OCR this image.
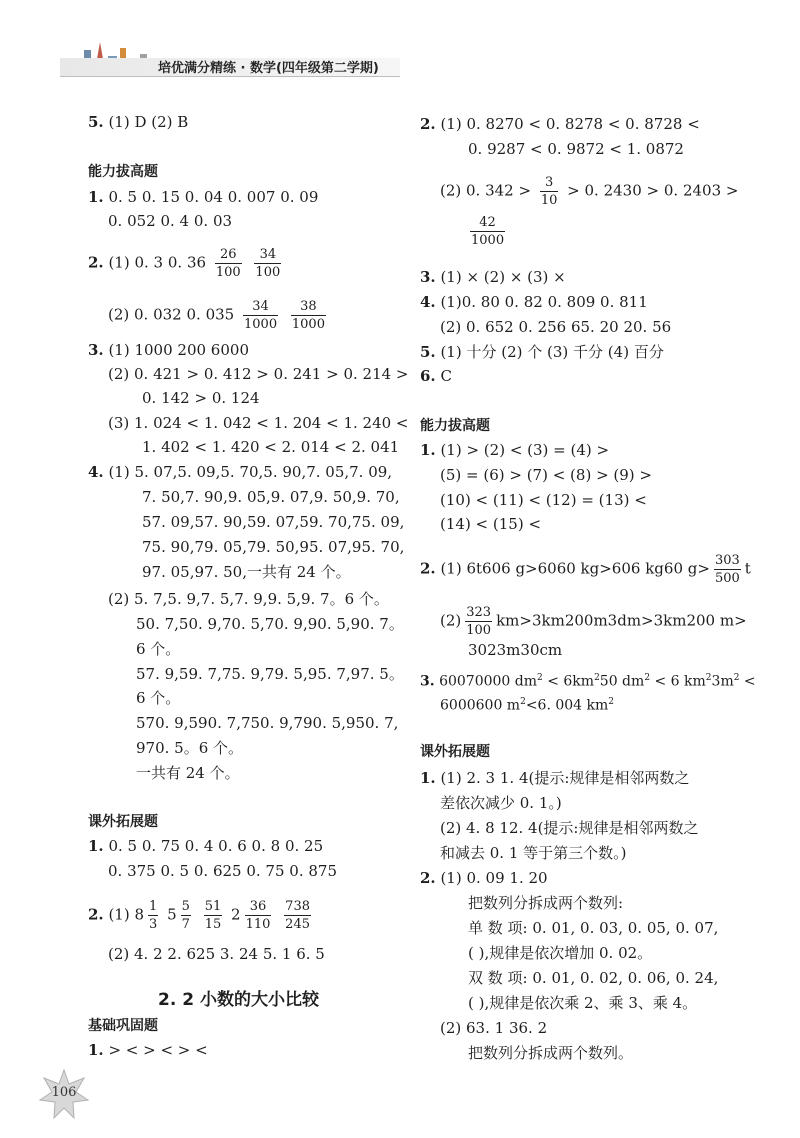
培优满分精练 · 数学(四年级第二学期)
5. (1) D (2) B
能力拔高题
1. 0. 5 0. 15 0. 04 0. 007 0. 09
0. 052 0. 4 0. 03
2. (1) 0. 3 0. $36 \frac{26}{100}$
$\frac{34}{100}$
(2) 0. 032 0. $035 \frac{34}{1000}$
$\frac{38}{1000}$
3. (1) 1000 200 6000
(2) 0. 421 > 0. 412 > 0. 241 > 0. 214 >
0. 142 > 0. 124
(3) 1. 024 < 1. 042 < 1. 204 < 1. 240 <
1. 402 < 1. 420 < 2. 014 < 2. 041
4. (1) 5. 07,5. 09,5. 70,5. 90,7. 05,7. 09,
7. 50,7. 90,9. 05,9. 07,9. 50,9. 70,
57. 09,57. 90,59. 07,59. 70,75. 09,
75. 90,79. 05,79. 50,95. 07,95. 70,
97. 05,97. 50,一共有 24 个。
(2) 5. 7,5. 9,7. 5,7. 9,9. 5,9. 7。6 个。
50. 7,50. 9,70. 5,70. 9,90. 5,90. 7。
6 个。
57. 9,59. 7,75. 9,79. 5,95. 7,97. 5。
6 个。
570. 9,590. 7,750. 9,790. 5,950. 7,
970. 5。6 个。
一共有 24 个。
课外拓展题
1. 0. 5 0. 75 0. 4 0. 6 0. 8 0. 25
0. 375 0. 5 0. 625 0. 75 0. 875
2. (1) $8 \frac{1}{3} 5 \frac{5}{7}$
$\frac{51}{15} 2 \frac{36}{110}$
$\frac{738}{245}$
(2) 4. 2 2. 625 3. 24 5. 1 6. 5
2. 2 小数的大小比较
基础巩固题
1. > < > < > <
2. (1) 0. 8270 < 0. 8278 < 0. 8728 <
0. 9287 < 0. 9872 < 1. 0872
(2) 0. $342 > \frac{3}{10} > 0$. 2430 > 0. 2403 >
$\frac{42}{1000}$
3. (1) × (2) × (3) ×
4. (1)0. 80 0. 82 0. 809 0. 811
(2) 0. 652 0. 256 65. 20 20. 56
5. (1) 十分 (2) 个 (3) 千分 (4) 百分
6. C
能力拔高题
1. (1) > (2) < (3) = (4) >
(5) = (6) > (7) < (8) > (9) >
(10) < (11) < (12) = (13) <
(14) < (15) <
2. (1) 6t606 g>6060 kg>606 kg60 $g> \frac{303}{500}$ t
$(2) \frac{323}{100} km>3km200m3dm>3km200$ m>
3023m30cm
3. 60070000 $dm^2 < 6km^250$ $dm^2 < 6$ $km^23m^2$ <
6000600 $m^2<6$. 004 $km^2$
课外拓展题
1. (1) 2. 3 1. 4(提示:规律是相邻两数之
差依次减少 0. 1。)
(2) 4. 8 12. 4(提示:规律是相邻两数之
和减去 0. 1 等于第三个数。)
2. (1) 0. 09 1. 20
把数列分拆成两个数列:
单 数 项: 0. 01, 0. 03, 0. 05, 0. 07,
( ),规律是依次增加 0. 02。
双 数 项: 0. 01, 0. 02, 0. 06, 0. 24,
( ),规律是依次乘 2、乘 3、乘 4。
(2) 63. 1 36. 2
把数列分拆成两个数列。
106
